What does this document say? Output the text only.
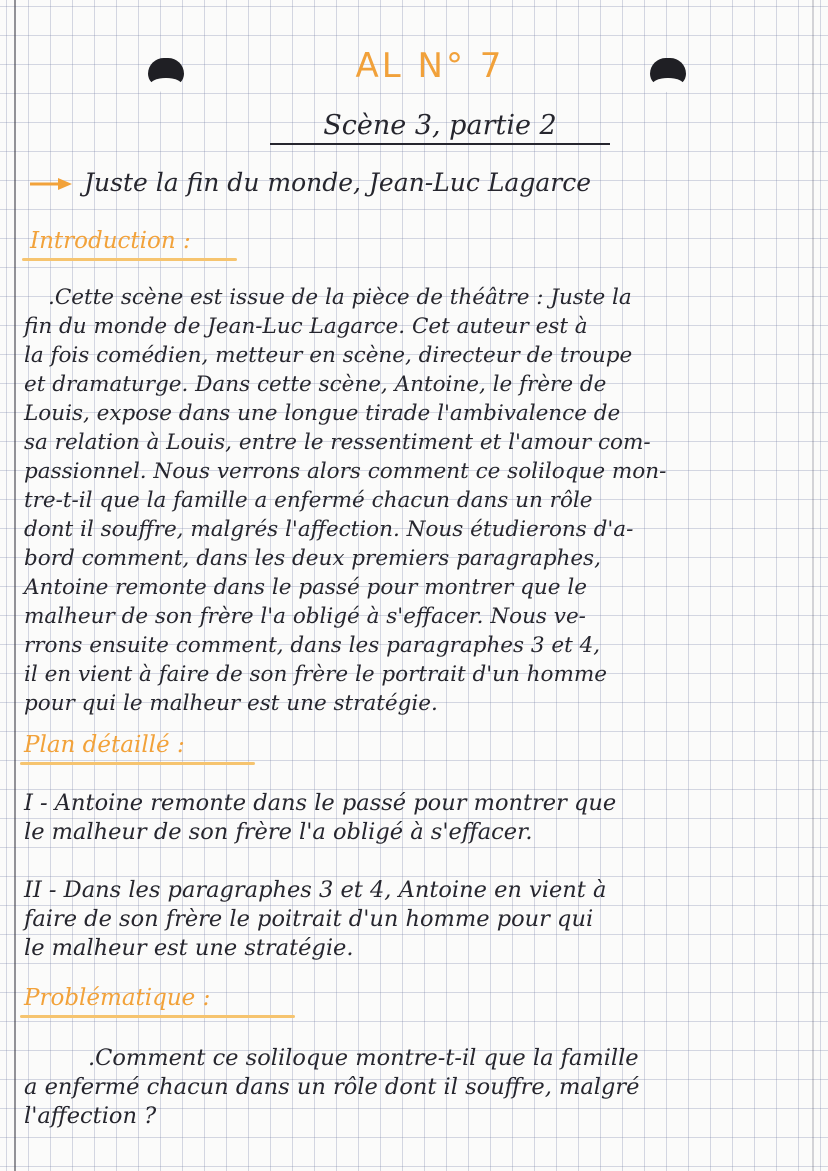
AL N° 7
Scène 3, partie 2
Juste la fin du monde, Jean-Luc Lagarce
Introduction :
.Cette scène est issue de la pièce de théâtre : Juste la
fin du monde de Jean-Luc Lagarce. Cet auteur est à
la fois comédien, metteur en scène, directeur de troupe
et dramaturge. Dans cette scène, Antoine, le frère de
Louis, expose dans une longue tirade l'ambivalence de
sa relation à Louis, entre le ressentiment et l'amour com-
passionnel. Nous verrons alors comment ce soliloque mon-
tre-t-il que la famille a enfermé chacun dans un rôle
dont il souffre, malgrés l'affection. Nous étudierons d'a-
bord comment, dans les deux premiers paragraphes,
Antoine remonte dans le passé pour montrer que le
malheur de son frère l'a obligé à s'effacer. Nous ve-
rrons ensuite comment, dans les paragraphes 3 et 4,
il en vient à faire de son frère le portrait d'un homme
pour qui le malheur est une stratégie.
Plan détaillé :
I - Antoine remonte dans le passé pour montrer que
le malheur de son frère l'a obligé à s'effacer.
II - Dans les paragraphes 3 et 4, Antoine en vient à
faire de son frère le poitrait d'un homme pour qui
le malheur est une stratégie.
Problématique :
.Comment ce soliloque montre-t-il que la famille
a enfermé chacun dans un rôle dont il souffre, malgré
l'affection ?
